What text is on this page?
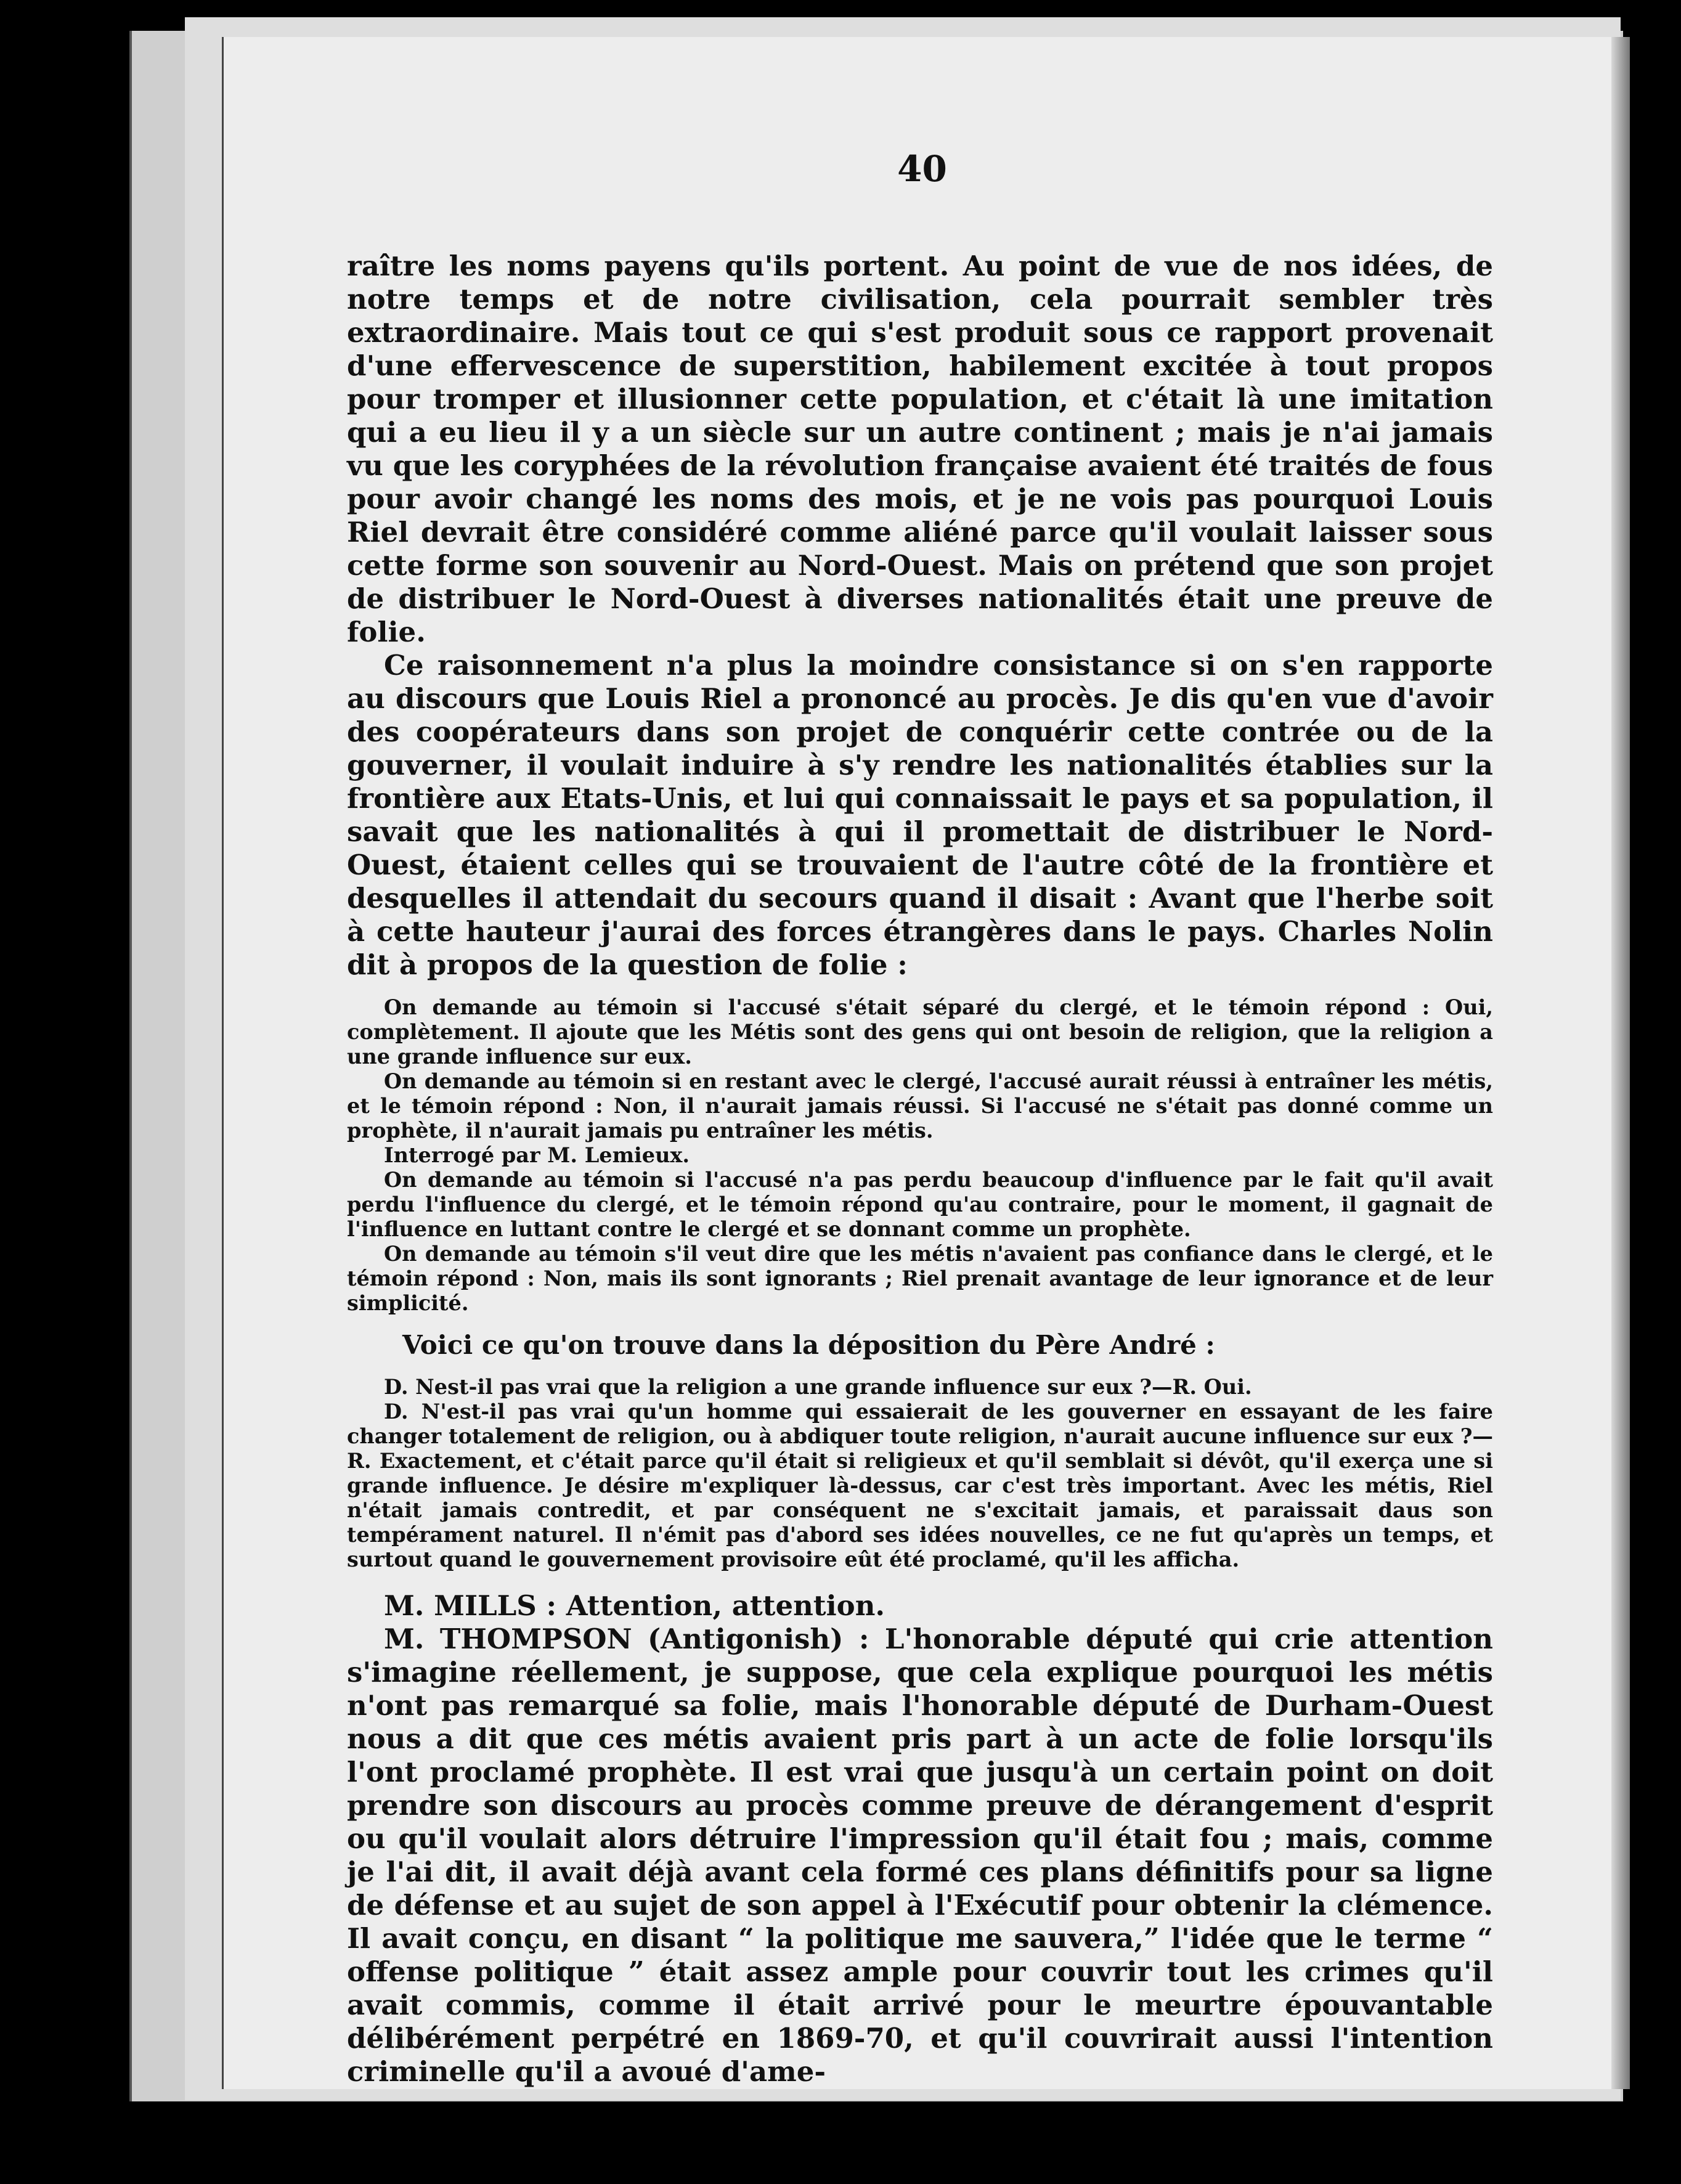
40

raître les noms payens qu'ils portent. Au point de vue de nos idées, de notre temps et de notre civilisation, cela pourrait sembler très extraordinaire. Mais tout ce qui s'est produit sous ce rapport provenait d'une effervescence de superstition, habilement excitée à tout propos pour tromper et illusionner cette population, et c'était là une imitation qui a eu lieu il y a un siècle sur un autre continent ; mais je n'ai jamais vu que les coryphées de la révolution française avaient été traités de fous pour avoir changé les noms des mois, et je ne vois pas pourquoi Louis Riel devrait être considéré comme aliéné parce qu'il voulait laisser sous cette forme son souvenir au Nord-Ouest. Mais on prétend que son projet de distribuer le Nord-Ouest à diverses nationalités était une preuve de folie.

Ce raisonnement n'a plus la moindre consistance si on s'en rapporte au discours que Louis Riel a prononcé au procès. Je dis qu'en vue d'avoir des coopérateurs dans son projet de conquérir cette contrée ou de la gouverner, il voulait induire à s'y rendre les nationalités établies sur la frontière aux Etats-Unis, et lui qui connaissait le pays et sa population, il savait que les nationalités à qui il promettait de distribuer le Nord-Ouest, étaient celles qui se trouvaient de l'autre côté de la frontière et desquelles il attendait du secours quand il disait : Avant que l'herbe soit à cette hauteur j'aurai des forces étrangères dans le pays. Charles Nolin dit à propos de la question de folie :

On demande au témoin si l'accusé s'était séparé du clergé, et le témoin répond : Oui, complètement. Il ajoute que les Métis sont des gens qui ont besoin de religion, que la religion a une grande influence sur eux.

On demande au témoin si en restant avec le clergé, l'accusé aurait réussi à entraîner les métis, et le témoin répond : Non, il n'aurait jamais réussi. Si l'accusé ne s'était pas donné comme un prophète, il n'aurait jamais pu entraîner les métis.

Interrogé par M. Lemieux.

On demande au témoin si l'accusé n'a pas perdu beaucoup d'influence par le fait qu'il avait perdu l'influence du clergé, et le témoin répond qu'au contraire, pour le moment, il gagnait de l'influence en luttant contre le clergé et se donnant comme un prophète.

On demande au témoin s'il veut dire que les métis n'avaient pas confiance dans le clergé, et le témoin répond : Non, mais ils sont ignorants ; Riel prenait avantage de leur ignorance et de leur simplicité.

Voici ce qu'on trouve dans la déposition du Père André :

D. Nest-il pas vrai que la religion a une grande influence sur eux ?—R. Oui.

D. N'est-il pas vrai qu'un homme qui essaierait de les gouverner en essayant de les faire changer totalement de religion, ou à abdiquer toute religion, n'aurait aucune influence sur eux ?—R. Exactement, et c'était parce qu'il était si religieux et qu'il semblait si dévôt, qu'il exerça une si grande influence. Je désire m'expliquer là-dessus, car c'est très important. Avec les métis, Riel n'était jamais contredit, et par conséquent ne s'excitait jamais, et paraissait daus son tempérament naturel. Il n'émit pas d'abord ses idées nouvelles, ce ne fut qu'après un temps, et surtout quand le gouvernement provisoire eût été proclamé, qu'il les afficha.

M. MILLS : Attention, attention.

M. THOMPSON (Antigonish) : L'honorable député qui crie attention s'imagine réellement, je suppose, que cela explique pourquoi les métis n'ont pas remarqué sa folie, mais l'honorable député de Durham-Ouest nous a dit que ces métis avaient pris part à un acte de folie lorsqu'ils l'ont proclamé prophète. Il est vrai que jusqu'à un certain point on doit prendre son discours au procès comme preuve de dérangement d'esprit ou qu'il voulait alors détruire l'impression qu'il était fou ; mais, comme je l'ai dit, il avait déjà avant cela formé ces plans définitifs pour sa ligne de défense et au sujet de son appel à l'Exécutif pour obtenir la clémence. Il avait conçu, en disant “ la politique me sauvera,” l'idée que le terme “ offense politique ” était assez ample pour couvrir tout les crimes qu'il avait commis, comme il était arrivé pour le meurtre épouvantable délibérément perpétré en 1869-70, et qu'il couvrirait aussi l'intention criminelle qu'il a avoué d'ame-
